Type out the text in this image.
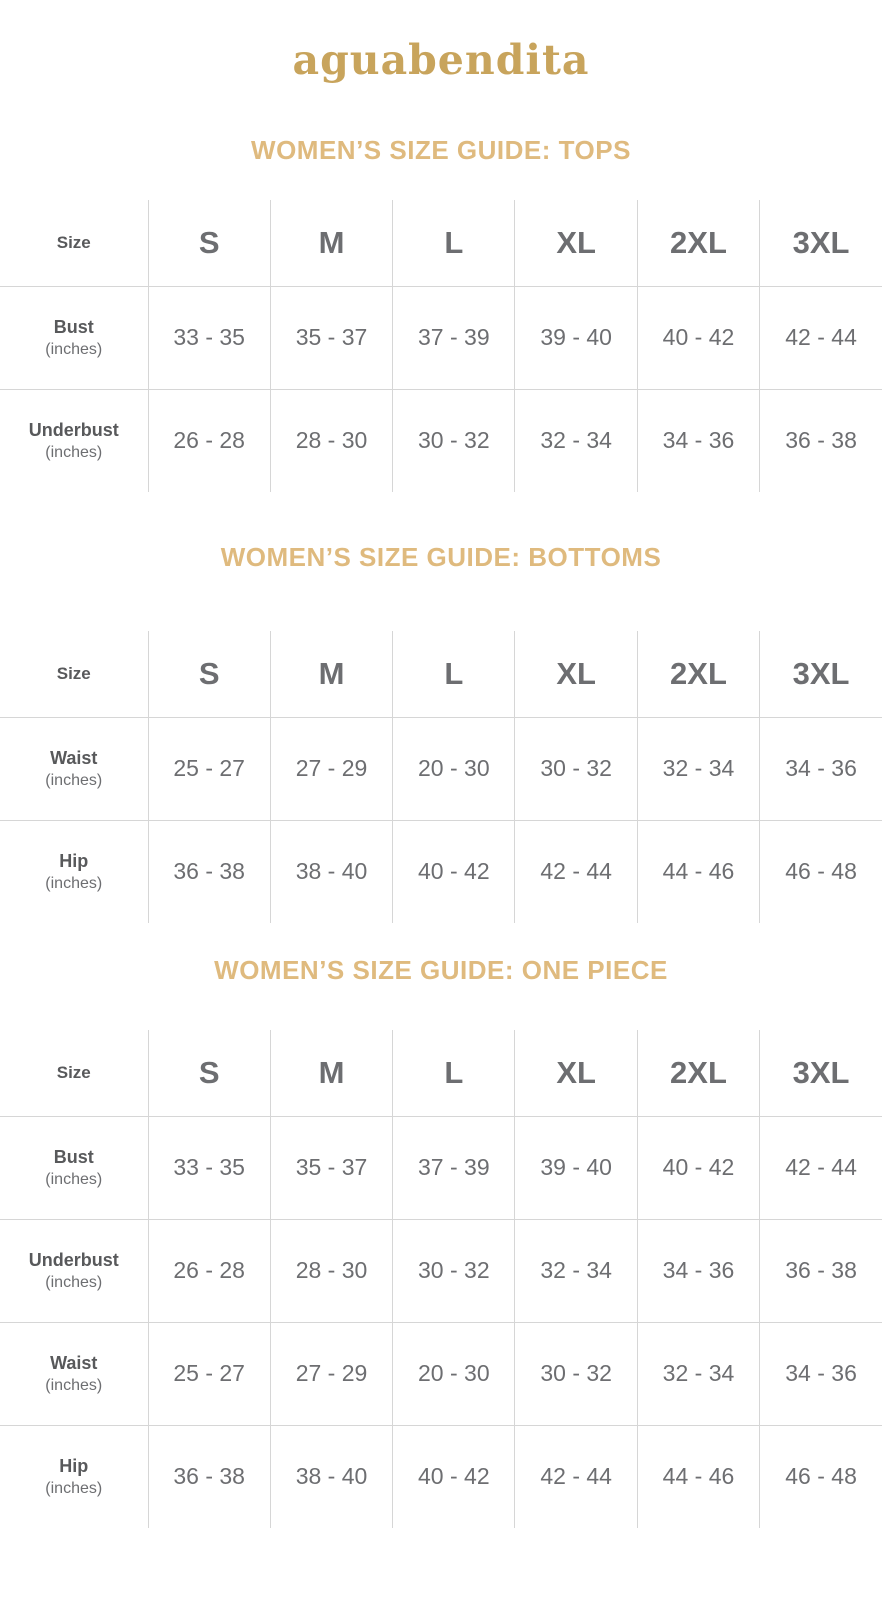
aguabendita
WOMEN’S SIZE GUIDE: TOPS
Size	S	M	L	XL	2XL	3XL

Bust
(inches)	33 - 35	35 - 37	37 - 39	39 - 40	40 - 42	42 - 44

Underbust
(inches)	26 - 28	28 - 30	30 - 32	32 - 34	34 - 36	36 - 38
WOMEN’S SIZE GUIDE: BOTTOMS
Size	S	M	L	XL	2XL	3XL

Waist
(inches)	25 - 27	27 - 29	20 - 30	30 - 32	32 - 34	34 - 36

Hip
(inches)	36 - 38	38 - 40	40 - 42	42 - 44	44 - 46	46 - 48
WOMEN’S SIZE GUIDE: ONE PIECE
Size	S	M	L	XL	2XL	3XL

Bust
(inches)	33 - 35	35 - 37	37 - 39	39 - 40	40 - 42	42 - 44

Underbust
(inches)	26 - 28	28 - 30	30 - 32	32 - 34	34 - 36	36 - 38

Waist
(inches)	25 - 27	27 - 29	20 - 30	30 - 32	32 - 34	34 - 36

Hip
(inches)	36 - 38	38 - 40	40 - 42	42 - 44	44 - 46	46 - 48
